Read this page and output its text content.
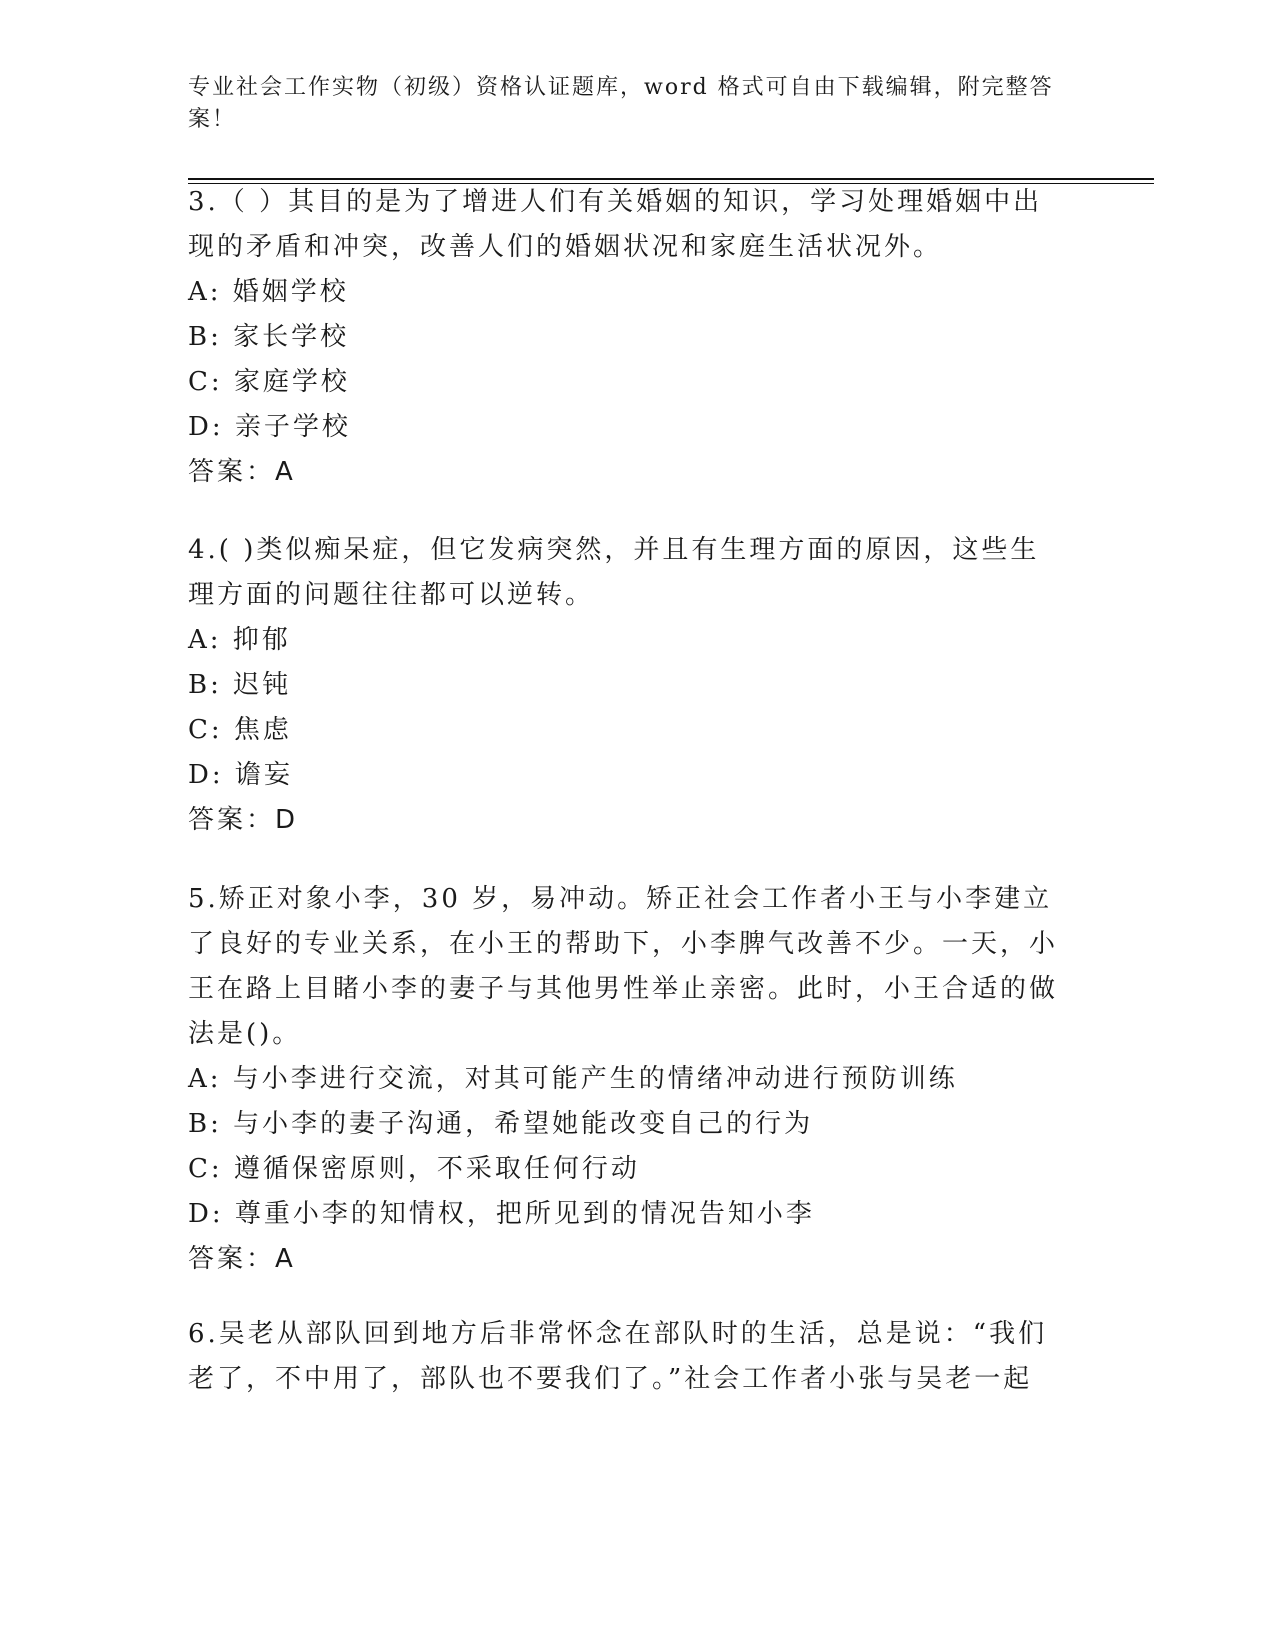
专业社会工作实物（初级）资格认证题库，word 格式可自由下载编辑，附完整答案！

3.（ ）其目的是为了增进人们有关婚姻的知识，学习处理婚姻中出现的矛盾和冲突，改善人们的婚姻状况和家庭生活状况外。

A: 婚姻学校

B: 家长学校

C: 家庭学校

D: 亲子学校

答案：A

4.( )类似痴呆症，但它发病突然，并且有生理方面的原因，这些生理方面的问题往往都可以逆转。

A: 抑郁

B: 迟钝

C: 焦虑

D: 谵妄

答案：D

5.矫正对象小李，30 岁，易冲动。矫正社会工作者小王与小李建立了良好的专业关系，在小王的帮助下，小李脾气改善不少。一天，小王在路上目睹小李的妻子与其他男性举止亲密。此时，小王合适的做法是()。

A: 与小李进行交流，对其可能产生的情绪冲动进行预防训练

B: 与小李的妻子沟通，希望她能改变自己的行为

C: 遵循保密原则，不采取任何行动

D: 尊重小李的知情权，把所见到的情况告知小李

答案：A

6.吴老从部队回到地方后非常怀念在部队时的生活，总是说：“我们老了，不中用了，部队也不要我们了。”社会工作者小张与吴老一起
